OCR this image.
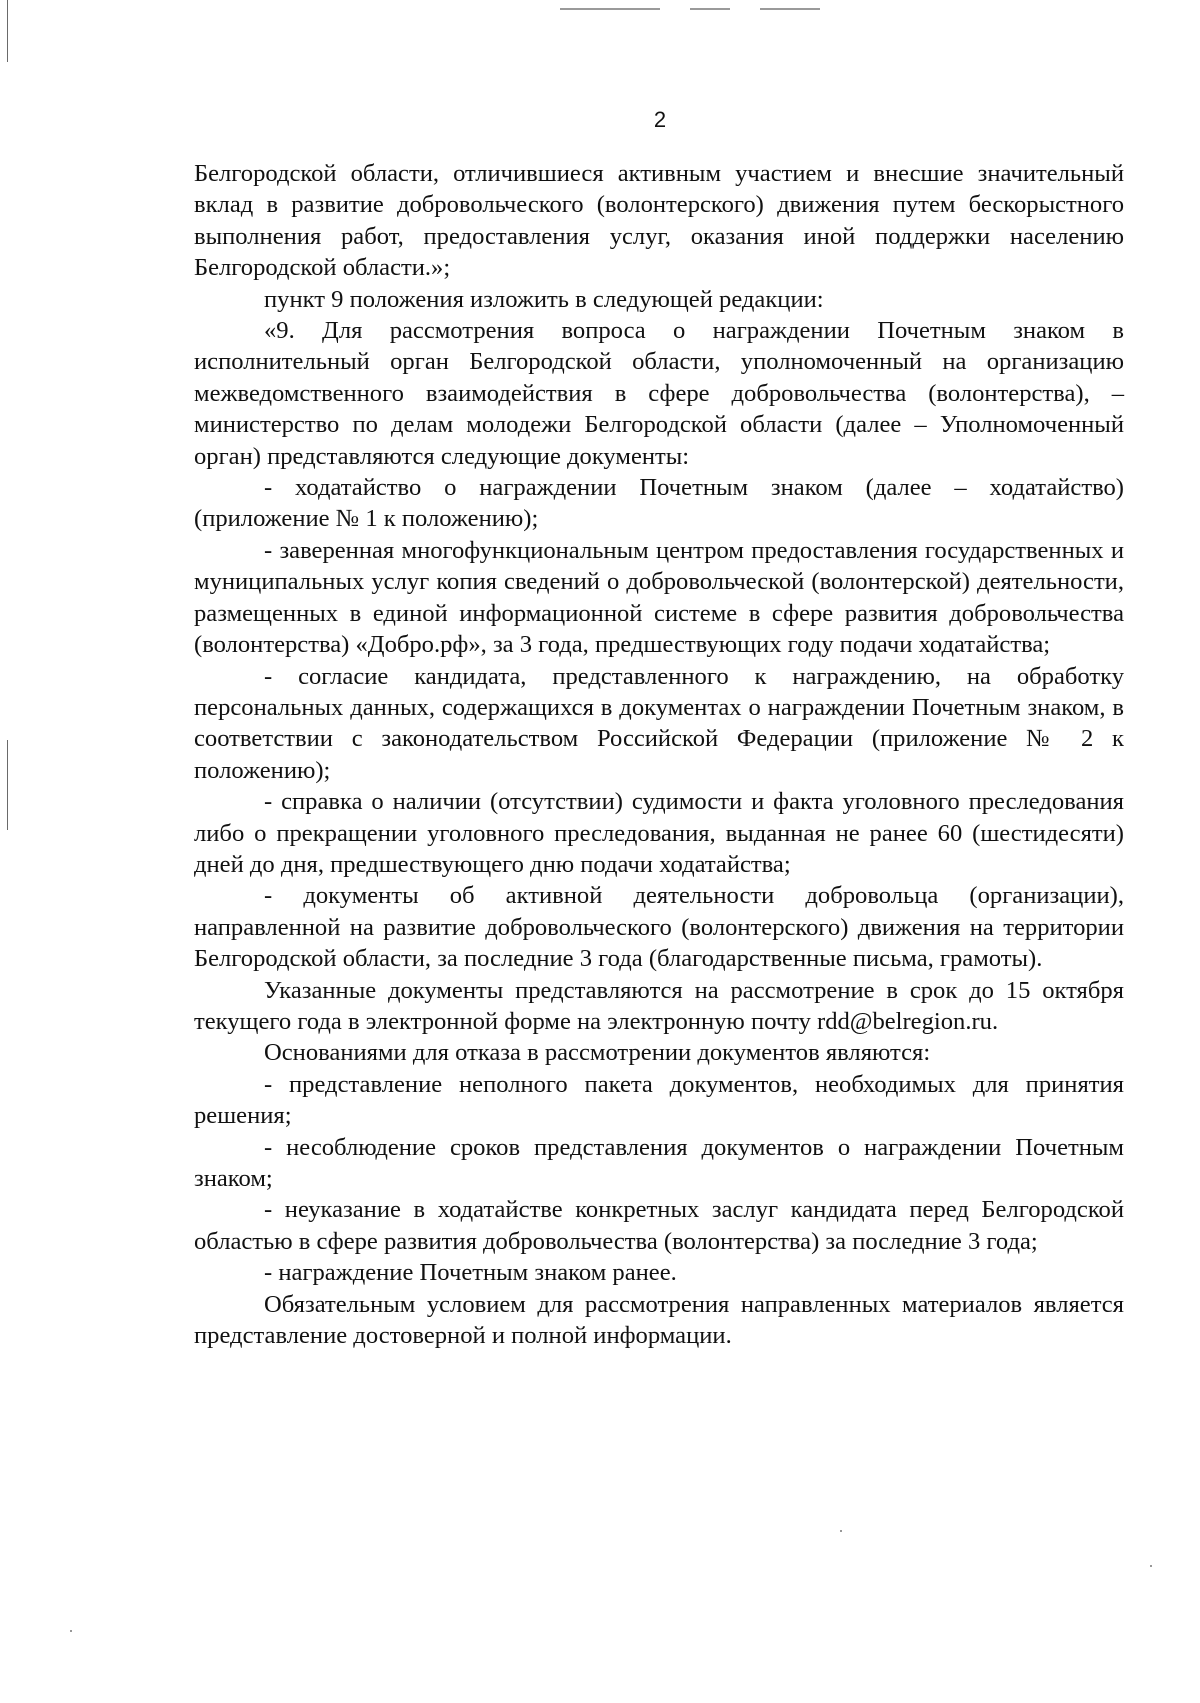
2

Белгородской области, отличившиеся активным участием и внесшие значительный вклад в развитие добровольческого (волонтерского) движения путем бескорыстного выполнения работ, предоставления услуг, оказания иной поддержки населению Белгородской области.»;

пункт 9 положения изложить в следующей редакции:

«9. Для рассмотрения вопроса о награждении Почетным знаком в исполнительный орган Белгородской области, уполномоченный на организацию межведомственного взаимодействия в сфере добровольчества (волонтерства), – министерство по делам молодежи Белгородской области (далее – Уполномоченный орган) представляются следующие документы:

- ходатайство о награждении Почетным знаком (далее – ходатайство) (приложение № 1 к положению);

- заверенная многофункциональным центром предоставления государственных и муниципальных услуг копия сведений о добровольческой (волонтерской) деятельности, размещенных в единой информационной системе в сфере развития добровольчества (волонтерства) «Добро.рф», за 3 года, предшествующих году подачи ходатайства;

- согласие кандидата, представленного к награждению, на обработку персональных данных, содержащихся в документах о награждении Почетным знаком, в соответствии с законодательством Российской Федерации (приложение № 2 к положению);

- справка о наличии (отсутствии) судимости и факта уголовного преследования либо о прекращении уголовного преследования, выданная не ранее 60 (шестидесяти) дней до дня, предшествующего дню подачи ходатайства;

- документы об активной деятельности добровольца (организации), направленной на развитие добровольческого (волонтерского) движения на территории Белгородской области, за последние 3 года (благодарственные письма, грамоты).

Указанные документы представляются на рассмотрение в срок до 15 октября текущего года в электронной форме на электронную почту rdd@belregion.ru.

Основаниями для отказа в рассмотрении документов являются:

- представление неполного пакета документов, необходимых для принятия решения;

- несоблюдение сроков представления документов о награждении Почетным знаком;

- неуказание в ходатайстве конкретных заслуг кандидата перед Белгородской областью в сфере развития добровольчества (волонтерства) за последние 3 года;

- награждение Почетным знаком ранее.

Обязательным условием для рассмотрения направленных материалов является представление достоверной и полной информации.
